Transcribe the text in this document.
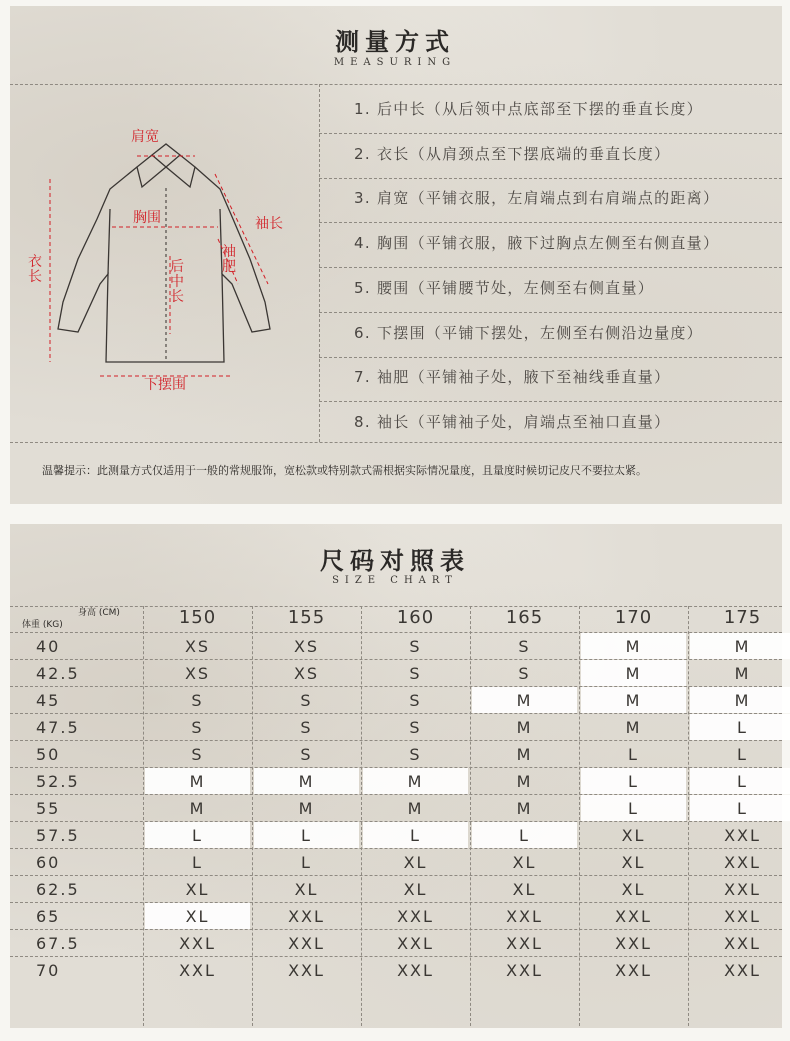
测量方式
MEASURING
肩宽
胸围	袖长
袖
肥
后
中
长
衣
长
下摆围
1. 后中长（从后领中点底部至下摆的垂直长度）
2. 衣长（从肩颈点至下摆底端的垂直长度）
3. 肩宽（平铺衣服，左肩端点到右肩端点的距离）
4. 胸围（平铺衣服，腋下过胸点左侧至右侧直量）
5. 腰围（平铺腰节处，左侧至右侧直量）
6. 下摆围（平铺下摆处，左侧至右侧沿边量度）
7. 袖肥（平铺袖子处，腋下至袖线垂直量）
8. 袖长（平铺袖子处，肩端点至袖口直量）
温馨提示：此测量方式仅适用于一般的常规服饰，宽松款或特别款式需根据实际情况量度，且量度时候切记皮尺不要拉太紧。
尺码对照表
SIZE CHART
身高 (CM)
体重 (KG)	150	155	160	165	170	175
40	XS	XS	S	S	M	M
42.5	XS	XS	S	S	M	M
45	S	S	S	M	M	M
47.5	S	S	S	M	M	L
50	S	S	S	M	L	L
52.5	M	M	M	M	L	L
55	M	M	M	M	L	L
57.5	L	L	L	L	XL	XXL
60	L	L	XL	XL	XL	XXL
62.5	XL	XL	XL	XL	XL	XXL
65	XL	XXL	XXL	XXL	XXL	XXL
67.5	XXL	XXL	XXL	XXL	XXL	XXL
70	XXL	XXL	XXL	XXL	XXL	XXL
